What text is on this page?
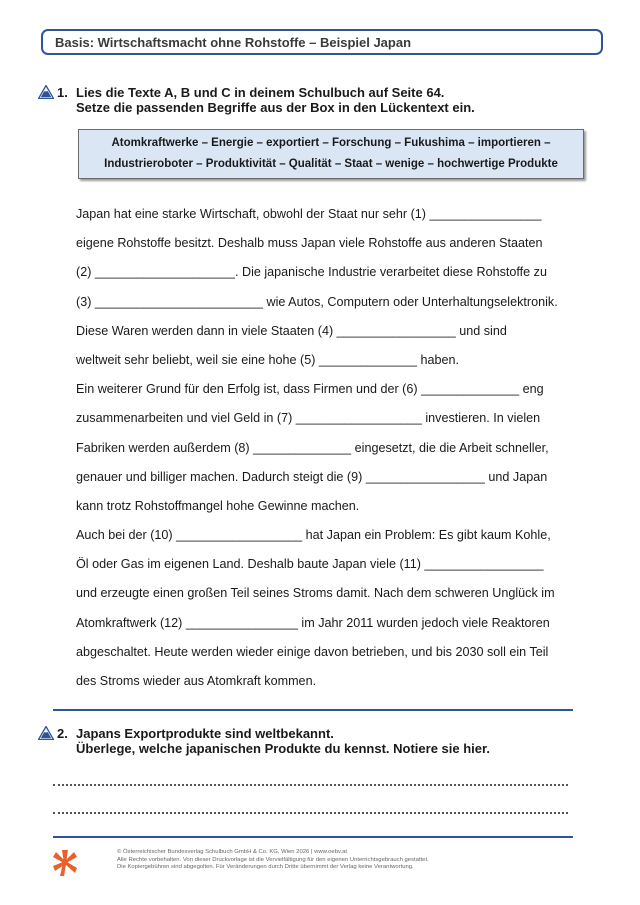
Basis: Wirtschaftsmacht ohne Rohstoffe – Beispiel Japan
1. Lies die Texte A, B und C in deinem Schulbuch auf Seite 64.
Setze die passenden Begriffe aus der Box in den Lückentext ein.
Atomkraftwerke – Energie – exportiert – Forschung – Fukushima – importieren –
Industrieroboter – Produktivität – Qualität – Staat – wenige – hochwertige Produkte
Japan hat eine starke Wirtschaft, obwohl der Staat nur sehr (1) ________________
eigene Rohstoffe besitzt. Deshalb muss Japan viele Rohstoffe aus anderen Staaten
(2) ____________________. Die japanische Industrie verarbeitet diese Rohstoffe zu
(3) ________________________ wie Autos, Computern oder Unterhaltungselektronik.
Diese Waren werden dann in viele Staaten (4) _________________ und sind
weltweit sehr beliebt, weil sie eine hohe (5) ______________ haben.
Ein weiterer Grund für den Erfolg ist, dass Firmen und der (6) ______________ eng
zusammenarbeiten und viel Geld in (7) __________________ investieren. In vielen
Fabriken werden außerdem (8) ______________ eingesetzt, die die Arbeit schneller,
genauer und billiger machen. Dadurch steigt die (9) _________________ und Japan
kann trotz Rohstoffmangel hohe Gewinne machen.
Auch bei der (10) __________________ hat Japan ein Problem: Es gibt kaum Kohle,
Öl oder Gas im eigenen Land. Deshalb baute Japan viele (11) _________________
und erzeugte einen großen Teil seines Stroms damit. Nach dem schweren Unglück im
Atomkraftwerk (12) ________________ im Jahr 2011 wurden jedoch viele Reaktoren
abgeschaltet. Heute werden wieder einige davon betrieben, und bis 2030 soll ein Teil
des Stroms wieder aus Atomkraft kommen.
2. Japans Exportprodukte sind weltbekannt.
Überlege, welche japanischen Produkte du kennst. Notiere sie hier.
© Österreichischer Bundesverlag Schulbuch GmbH & Co. KG, Wien 2026 | www.oebv.at
Alle Rechte vorbehalten. Von dieser Druckvorlage ist die Vervielfältigung für den eigenen Unterrichtsgebrauch gestattet.
Die Kopiergebühren sind abgegolten. Für Veränderungen durch Dritte übernimmt der Verlag keine Verantwortung.
